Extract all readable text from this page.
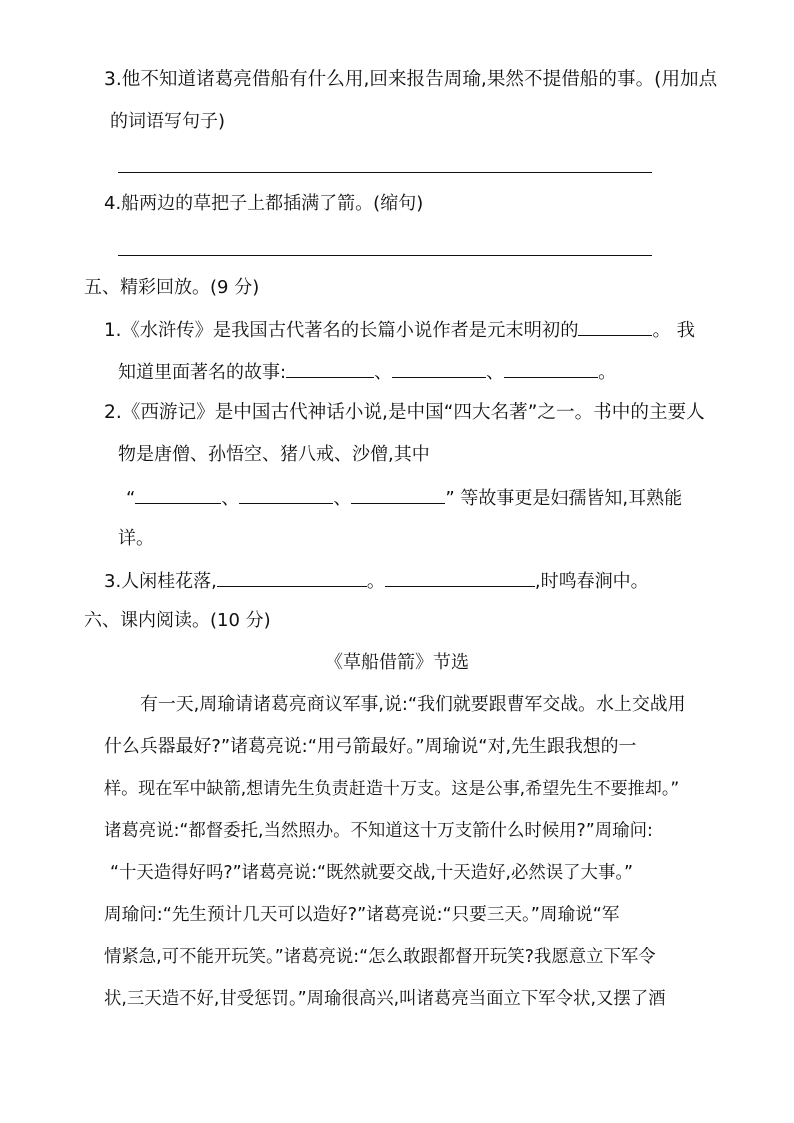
3.他不知道诸葛亮借船有什么用,回来报告周瑜,果然不提借船的事。(用加点
的词语写句子)
4.船两边的草把子上都插满了箭。(缩句)
五、精彩回放。(9 分)
1.《水浒传》是我国古代著名的长篇小说作者是元末明初的	。 我
知道里面著名的故事:	、	、	。
2.《西游记》是中国古代神话小说,是中国“四大名著”之一。书中的主要人
物是唐僧、孙悟空、猪八戒、沙僧,其中
“	、	、	” 等故事更是妇孺皆知,耳熟能
详。
3.人闲桂花落,	。	,时鸣春涧中。
六、课内阅读。(10 分)
《草船借箭》节选
有一天,周瑜请诸葛亮商议军事,说:“我们就要跟曹军交战。水上交战用
什么兵器最好?”诸葛亮说:“用弓箭最好。”周瑜说“对,先生跟我想的一
样。现在军中缺箭,想请先生负责赶造十万支。这是公事,希望先生不要推却。”
诸葛亮说:“都督委托,当然照办。不知道这十万支箭什么时候用?”周瑜问:
“十天造得好吗?”诸葛亮说:“既然就要交战,十天造好,必然误了大事。”
周瑜问:“先生预计几天可以造好?”诸葛亮说:“只要三天。”周瑜说“军
情紧急,可不能开玩笑。”诸葛亮说:“怎么敢跟都督开玩笑?我愿意立下军令
状,三天造不好,甘受惩罚。”周瑜很高兴,叫诸葛亮当面立下军令状,又摆了酒
